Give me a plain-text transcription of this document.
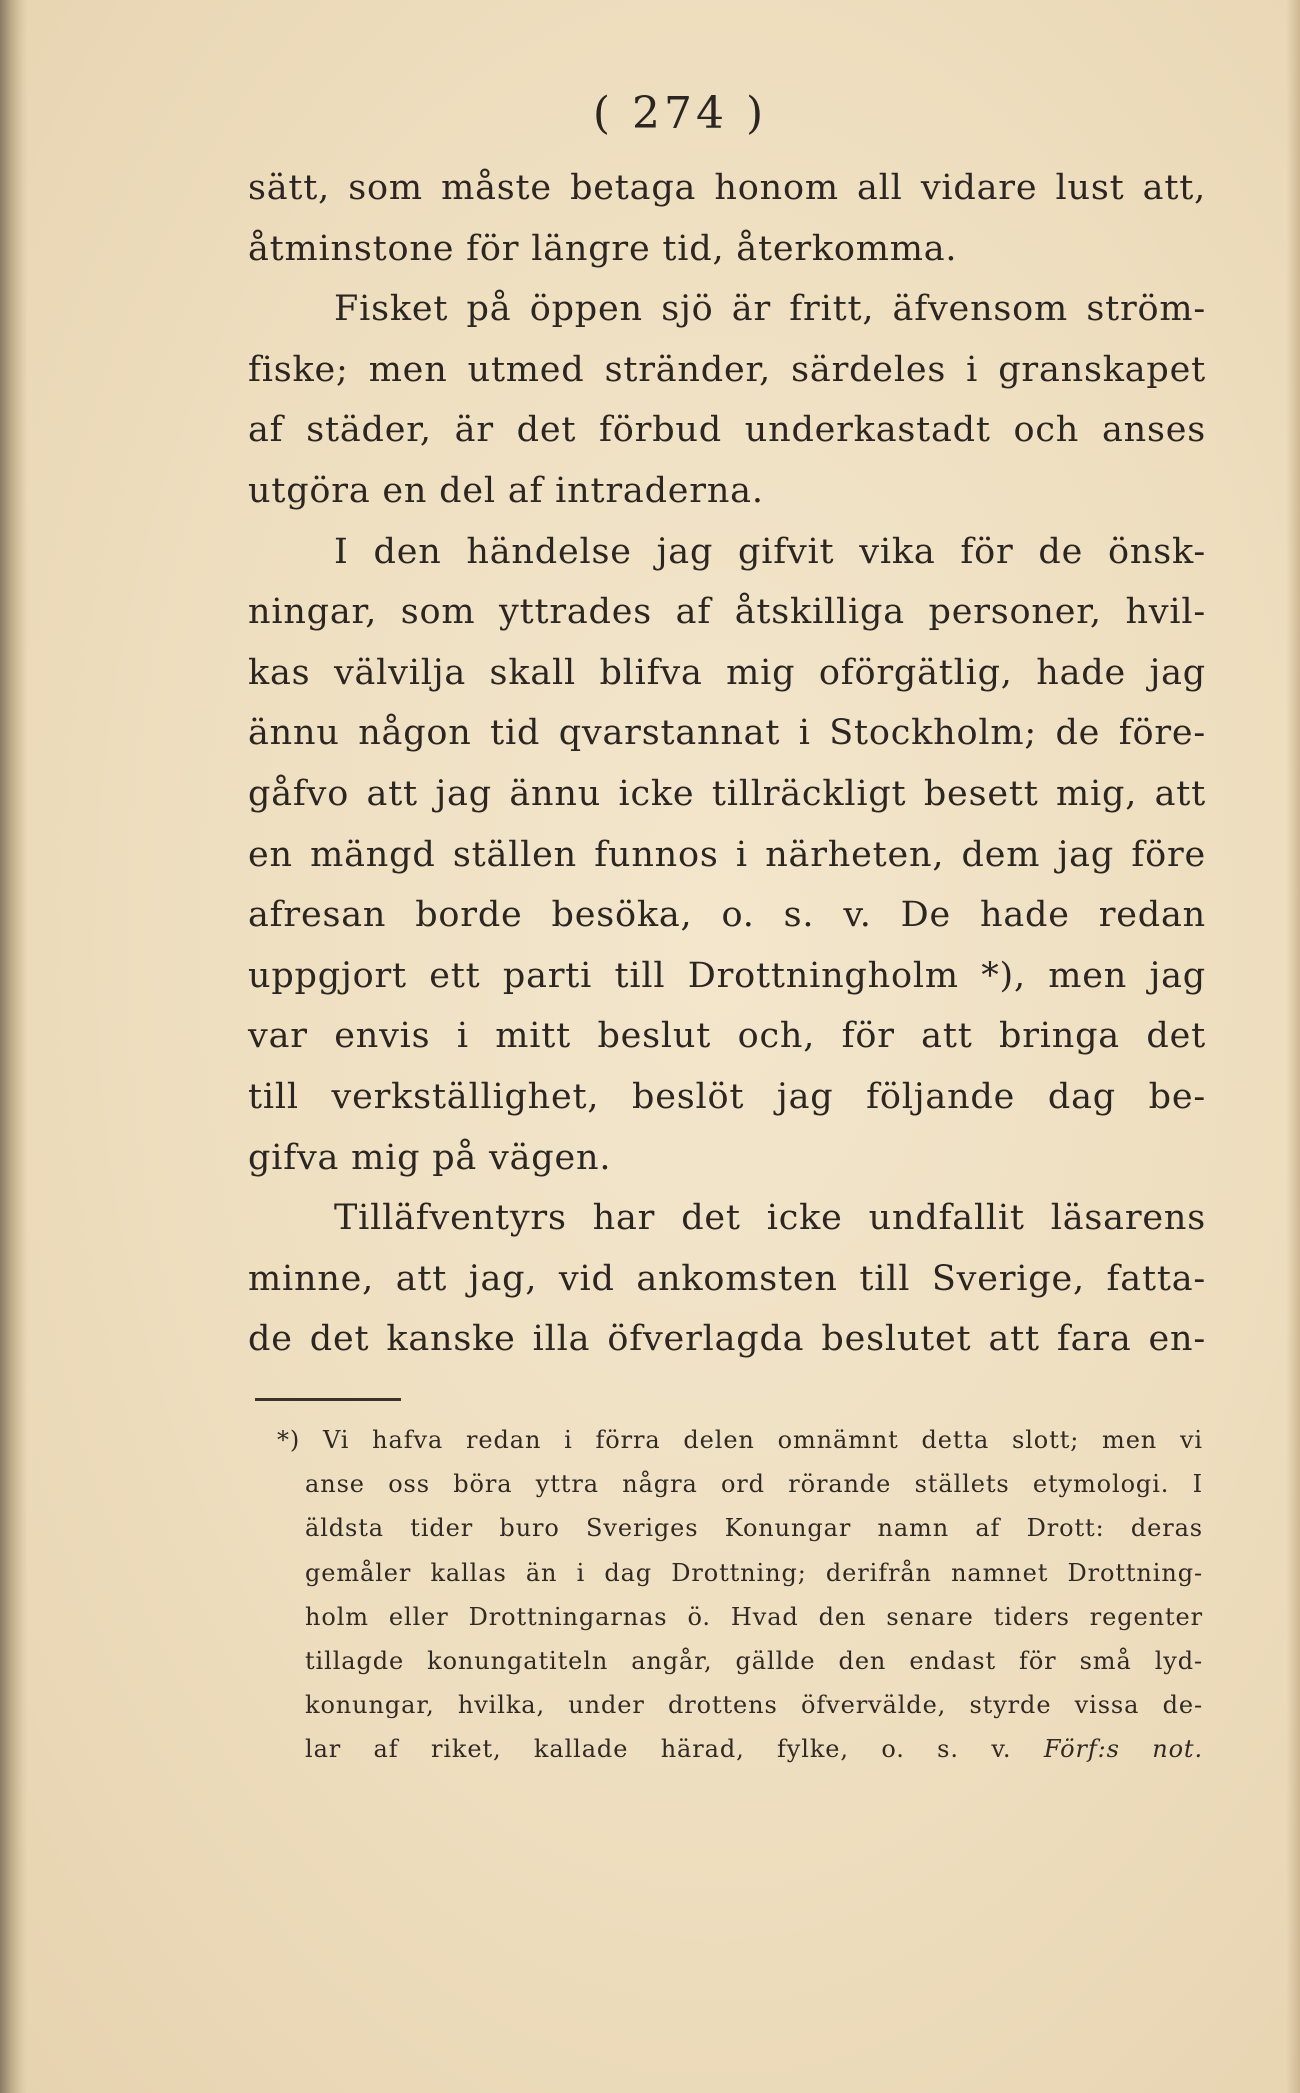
( 274 )
sätt, som måste betaga honom all vidare lust att,
åtminstone för längre tid, återkomma.
Fisket på öppen sjö är fritt, äfvensom ström-
fiske; men utmed stränder, särdeles i granskapet
af städer, är det förbud underkastadt och anses
utgöra en del af intraderna.
I den händelse jag gifvit vika för de önsk-
ningar, som yttrades af åtskilliga personer, hvil-
kas välvilja skall blifva mig oförgätlig, hade jag
ännu någon tid qvarstannat i Stockholm; de före-
gåfvo att jag ännu icke tillräckligt besett mig, att
en mängd ställen funnos i närheten, dem jag före
afresan borde besöka, o. s. v. De hade redan
uppgjort ett parti till Drottningholm *), men jag
var envis i mitt beslut och, för att bringa det
till verkställighet, beslöt jag följande dag be-
gifva mig på vägen.
Tilläfventyrs har det icke undfallit läsarens
minne, att jag, vid ankomsten till Sverige, fatta-
de det kanske illa öfverlagda beslutet att fara en-
*) Vi hafva redan i förra delen omnämnt detta slott; men vi
anse oss böra yttra några ord rörande ställets etymologi. I
äldsta tider buro Sveriges Konungar namn af Drott: deras
gemåler kallas än i dag Drottning; derifrån namnet Drottning-
holm eller Drottningarnas ö. Hvad den senare tiders regenter
tillagde konungatiteln angår, gällde den endast för små lyd-
konungar, hvilka, under drottens öfvervälde, styrde vissa de-
lar af riket, kallade härad, fylke, o. s. v. Förf:s not.
